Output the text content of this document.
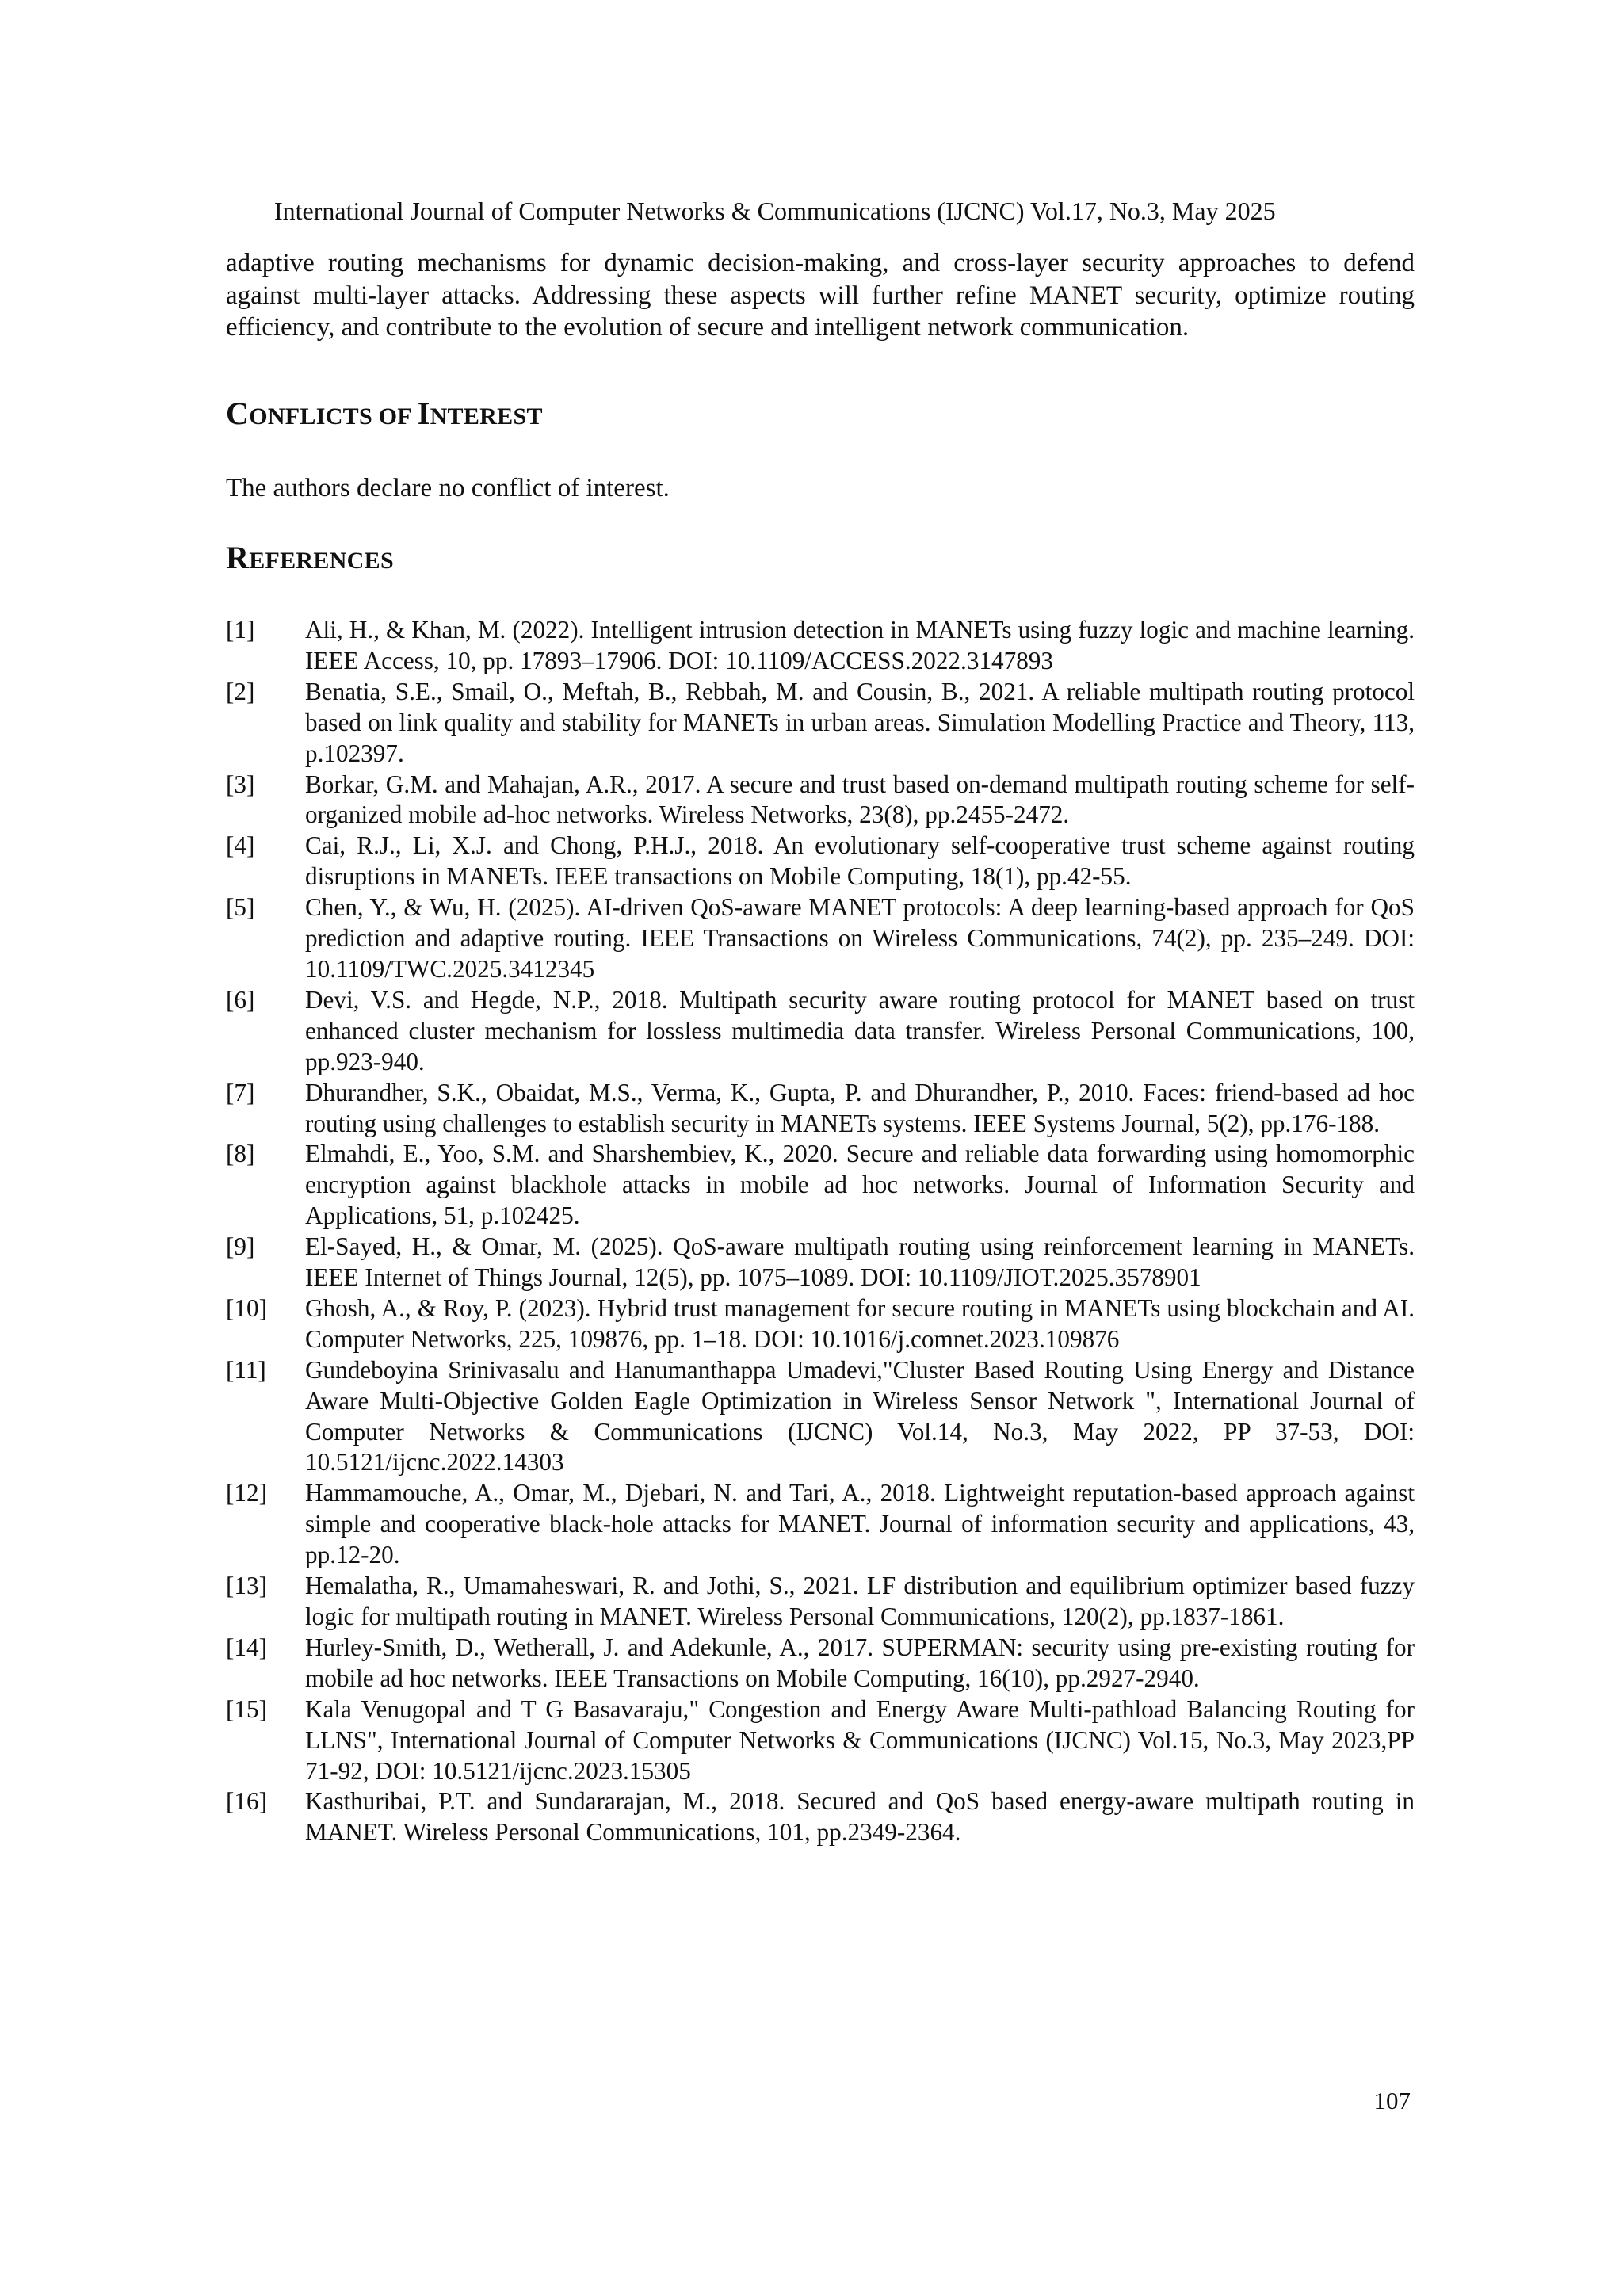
International Journal of Computer Networks & Communications (IJCNC) Vol.17, No.3, May 2025

adaptive routing mechanisms for dynamic decision-making, and cross-layer security approaches to defend against multi-layer attacks. Addressing these aspects will further refine MANET security, optimize routing efficiency, and contribute to the evolution of secure and intelligent network communication.

CONFLICTS OF INTEREST

The authors declare no conflict of interest.

REFERENCES
[1]	Ali, H., & Khan, M. (2022). Intelligent intrusion detection in MANETs using fuzzy logic and machine learning. IEEE Access, 10, pp. 17893–17906. DOI: 10.1109/ACCESS.2022.3147893
[2]	Benatia, S.E., Smail, O., Meftah, B., Rebbah, M. and Cousin, B., 2021. A reliable multipath routing protocol based on link quality and stability for MANETs in urban areas. Simulation Modelling Practice and Theory, 113, p.102397.
[3]	Borkar, G.M. and Mahajan, A.R., 2017. A secure and trust based on-demand multipath routing scheme for self-organized mobile ad-hoc networks. Wireless Networks, 23(8), pp.2455-2472.
[4]	Cai, R.J., Li, X.J. and Chong, P.H.J., 2018. An evolutionary self-cooperative trust scheme against routing disruptions in MANETs. IEEE transactions on Mobile Computing, 18(1), pp.42-55.
[5]	Chen, Y., & Wu, H. (2025). AI-driven QoS-aware MANET protocols: A deep learning-based approach for QoS prediction and adaptive routing. IEEE Transactions on Wireless Communications, 74(2), pp. 235–249. DOI: 10.1109/TWC.2025.3412345
[6]	Devi, V.S. and Hegde, N.P., 2018. Multipath security aware routing protocol for MANET based on trust enhanced cluster mechanism for lossless multimedia data transfer. Wireless Personal Communications, 100, pp.923-940.
[7]	Dhurandher, S.K., Obaidat, M.S., Verma, K., Gupta, P. and Dhurandher, P., 2010. Faces: friend-based ad hoc routing using challenges to establish security in MANETs systems. IEEE Systems Journal, 5(2), pp.176-188.
[8]	Elmahdi, E., Yoo, S.M. and Sharshembiev, K., 2020. Secure and reliable data forwarding using homomorphic encryption against blackhole attacks in mobile ad hoc networks. Journal of Information Security and Applications, 51, p.102425.
[9]	El-Sayed, H., & Omar, M. (2025). QoS-aware multipath routing using reinforcement learning in MANETs. IEEE Internet of Things Journal, 12(5), pp. 1075–1089. DOI: 10.1109/JIOT.2025.3578901
[10]	Ghosh, A., & Roy, P. (2023). Hybrid trust management for secure routing in MANETs using blockchain and AI. Computer Networks, 225, 109876, pp. 1–18. DOI: 10.1016/j.comnet.2023.109876
[11]	Gundeboyina Srinivasalu and Hanumanthappa Umadevi,"Cluster Based Routing Using Energy and Distance Aware Multi-Objective Golden Eagle Optimization in Wireless Sensor Network ", International Journal of Computer Networks & Communications (IJCNC) Vol.14, No.3, May 2022, PP 37-53, DOI: 10.5121/ijcnc.2022.14303
[12]	Hammamouche, A., Omar, M., Djebari, N. and Tari, A., 2018. Lightweight reputation-based approach against simple and cooperative black-hole attacks for MANET. Journal of information security and applications, 43, pp.12-20.
[13]	Hemalatha, R., Umamaheswari, R. and Jothi, S., 2021. LF distribution and equilibrium optimizer based fuzzy logic for multipath routing in MANET. Wireless Personal Communications, 120(2), pp.1837-1861.
[14]	Hurley-Smith, D., Wetherall, J. and Adekunle, A., 2017. SUPERMAN: security using pre-existing routing for mobile ad hoc networks. IEEE Transactions on Mobile Computing, 16(10), pp.2927-2940.
[15]	Kala Venugopal and T G Basavaraju," Congestion and Energy Aware Multi-pathload Balancing Routing for LLNS", International Journal of Computer Networks & Communications (IJCNC) Vol.15, No.3, May 2023,PP 71-92, DOI: 10.5121/ijcnc.2023.15305
[16]	Kasthuribai, P.T. and Sundararajan, M., 2018. Secured and QoS based energy-aware multipath routing in MANET. Wireless Personal Communications, 101, pp.2349-2364.
107
